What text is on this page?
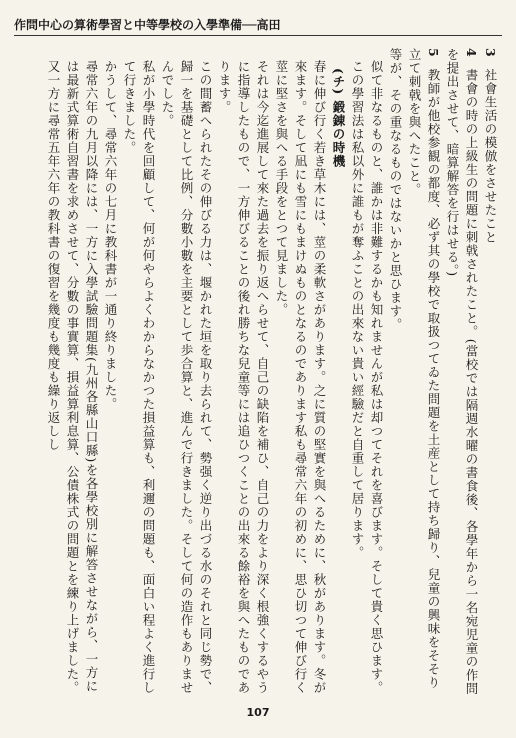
作問中心の算術學習と中等學校の入學準備──高田
3 社會生活の模倣をさせたこと
4 書會の時の上級生の問題に刺戟されたこと。(當校では隔週水曜の書食後、各學年から一名宛児童の作問を提出させて、暗算解答を行はせる。)
5 教師が他校参観の都度、必ず其の學校で取扱つてゐた問題を土産として持ち歸り、兒童の興味をそそり立て刺戟を與へたこと。
等が、その重なるものではないかと思ひます。
似て非なるものと、誰かは非難するかも知れませんが私は却つてそれを喜びます。そして貴く思ひます。この學習法は私以外に誰もが奪ふことの出來ない貴い經驗だと自重して居ります。
(チ) 鍛錬の時機
春に伸び行く若き草木には、莖の柔軟さがあります。之に質の堅實を與へるために、秋があります。冬が來ます。そして凪にも雪にもまけぬものとなるのであります私も尋常六年の初めに、思ひ切つて伸び行く莖に堅さを與へる手段をとつて見ました。
それは今迄進展して來た過去を振り返へらせて、自己の缺陷を補ひ、自己の力をより深く根強くするやうに指導したもので、一方伸びることの後れ勝ちな兒童等には追ひつくことの出來る餘裕を與へたものであります。
この間蓄へられたその伸びる力は、堰かれた垣を取り去られて、勢强く逆り出づる水のそれと同じ勢で、歸一を基礎として比例、分數小數を主要として歩合算と、進んで行きました。そして何の造作もありませんでした。
私が小學時代を回顧して、何が何やらよくわからなかつた損益算も、利邇の問題も、面白い程よく進行して行きました。
かうして、尋常六年の七月に教科書が一通り終りました。
尋常六年の九月以降には、一方に入學試驗問題集(九州各縣山口縣)を各學校別に解答させながら、一方には最新式算術自習書を求めさせて、分數の事實算、損益算利息算、公債株式の問題とを練り上げました。又一方に尋常五年六年の教科書の復習を幾度も幾度も繰り返しし
107
